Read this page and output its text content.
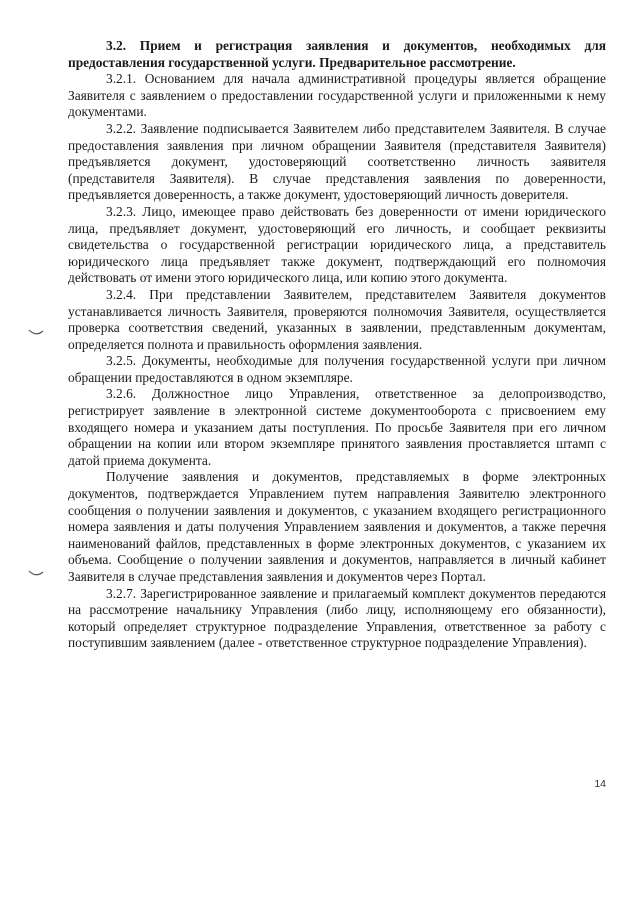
3.2. Прием и регистрация заявления и документов, необходимых для предоставления государственной услуги. Предварительное рассмотрение.

3.2.1. Основанием для начала административной процедуры является обращение Заявителя с заявлением о предоставлении государственной услуги и приложенными к нему документами.

3.2.2. Заявление подписывается Заявителем либо представителем Заявителя. В случае предоставления заявления при личном обращении Заявителя (представителя Заявителя) предъявляется документ, удостоверяющий соответственно личность заявителя (представителя Заявителя). В случае представления заявления по доверенности, предъявляется доверенность, а также документ, удостоверяющий личность доверителя.

3.2.3. Лицо, имеющее право действовать без доверенности от имени юридического лица, предъявляет документ, удостоверяющий его личность, и сообщает реквизиты свидетельства о государственной регистрации юридического лица, а представитель юридического лица предъявляет также документ, подтверждающий его полномочия действовать от имени этого юридического лица, или копию этого документа.

3.2.4. При представлении Заявителем, представителем Заявителя документов устанавливается личность Заявителя, проверяются полномочия Заявителя, осуществляется проверка соответствия сведений, указанных в заявлении, представленным документам, определяется полнота и правильность оформления заявления.

3.2.5. Документы, необходимые для получения государственной услуги при личном обращении предоставляются в одном экземпляре.

3.2.6. Должностное лицо Управления, ответственное за делопроизводство, регистрирует заявление в электронной системе документооборота с присвоением ему входящего номера и указанием даты поступления. По просьбе Заявителя при его личном обращении на копии или втором экземпляре принятого заявления проставляется штамп с датой приема документа.

Получение заявления и документов, представляемых в форме электронных документов, подтверждается Управлением путем направления Заявителю электронного сообщения о получении заявления и документов, с указанием входящего регистрационного номера заявления и даты получения Управлением заявления и документов, а также перечня наименований файлов, представленных в форме электронных документов, с указанием их объема. Сообщение о получении заявления и документов, направляется в личный кабинет Заявителя в случае представления заявления и документов через Портал.

3.2.7. Зарегистрированное заявление и прилагаемый комплект документов передаются на рассмотрение начальнику Управления (либо лицу, исполняющему его обязанности), который определяет структурное подразделение Управления, ответственное за работу с поступившим заявлением (далее - ответственное структурное подразделение Управления).

14
